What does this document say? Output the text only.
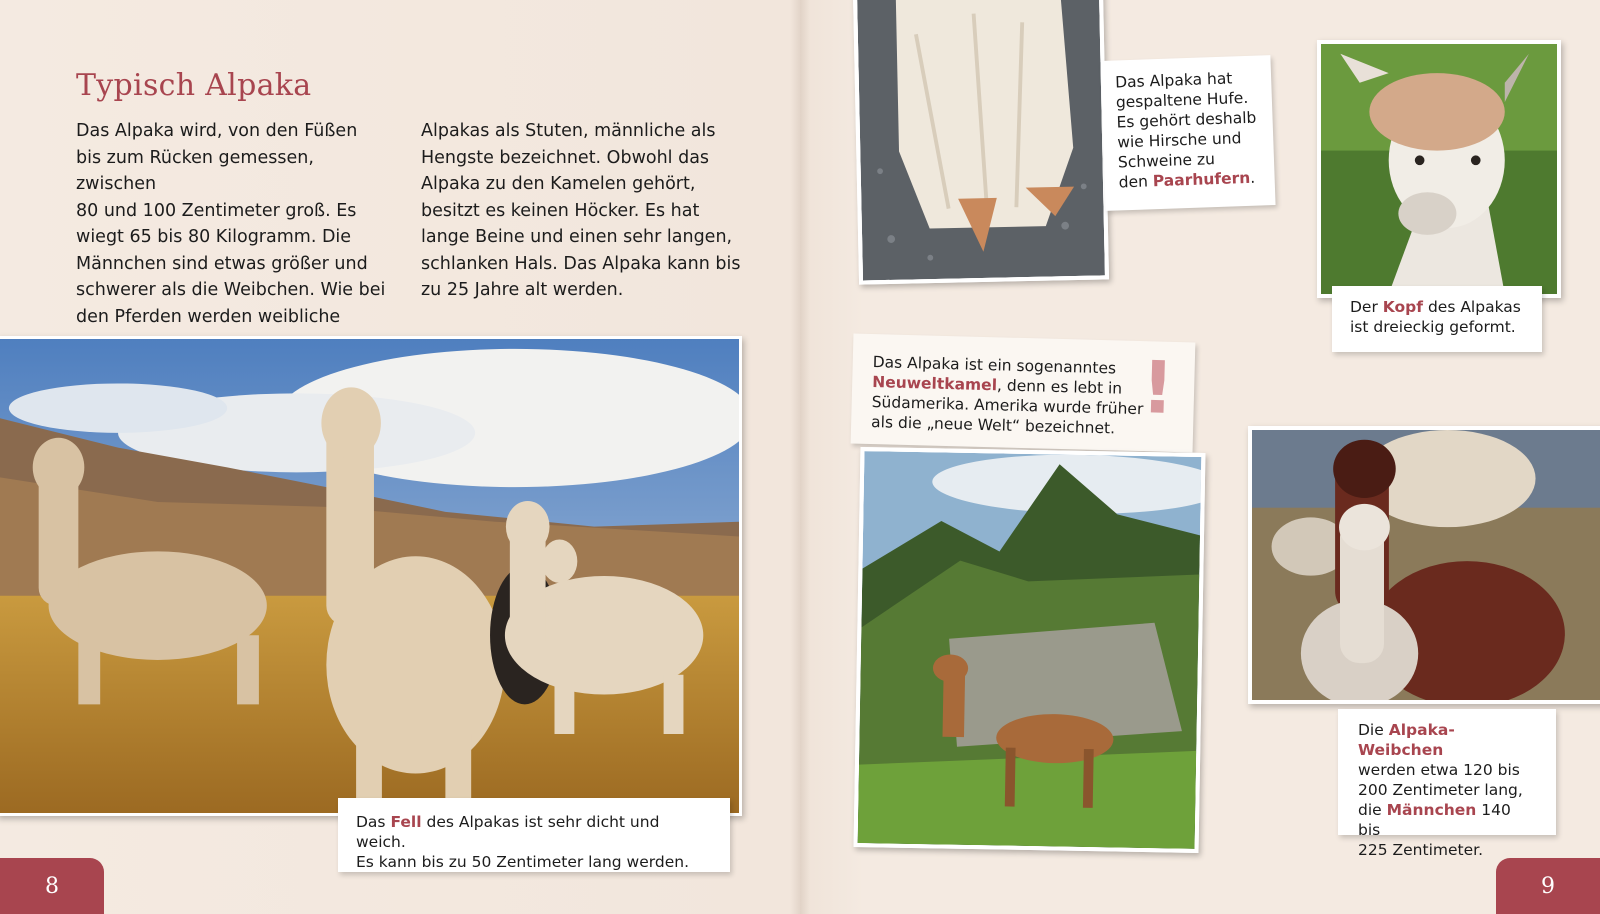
Typisch Alpaka
Das Alpaka wird, von den Füßen
bis zum Rücken gemessen, zwischen
80 und 100 Zentimeter groß. Es
wiegt 65 bis 80 Kilogramm. Die
Männchen sind etwas größer und
schwerer als die Weibchen. Wie bei
den Pferden werden weibliche
Alpakas als Stuten, männliche als
Hengste bezeichnet. Obwohl das
Alpaka zu den Kamelen gehört,
besitzt es keinen Höcker. Es hat
lange Beine und einen sehr langen,
schlanken Hals. Das Alpaka kann bis
zu 25 Jahre alt werden.
Das Fell des Alpakas ist sehr dicht und weich.
Es kann bis zu 50 Zentimeter lang werden.
8
Das Alpaka hat
gespaltene Hufe.
Es gehört deshalb
wie Hirsche und
Schweine zu
den Paarhufern.
Der Kopf des Alpakas
ist dreieckig geformt.
Das Alpaka ist ein sogenanntes
Neuweltkamel, denn es lebt in
Südamerika. Amerika wurde früher
als die „neue Welt“ bezeichnet. !
Die Alpaka-Weibchen
werden etwa 120 bis
200 Zentimeter lang,
die Männchen 140 bis
225 Zentimeter.
9
